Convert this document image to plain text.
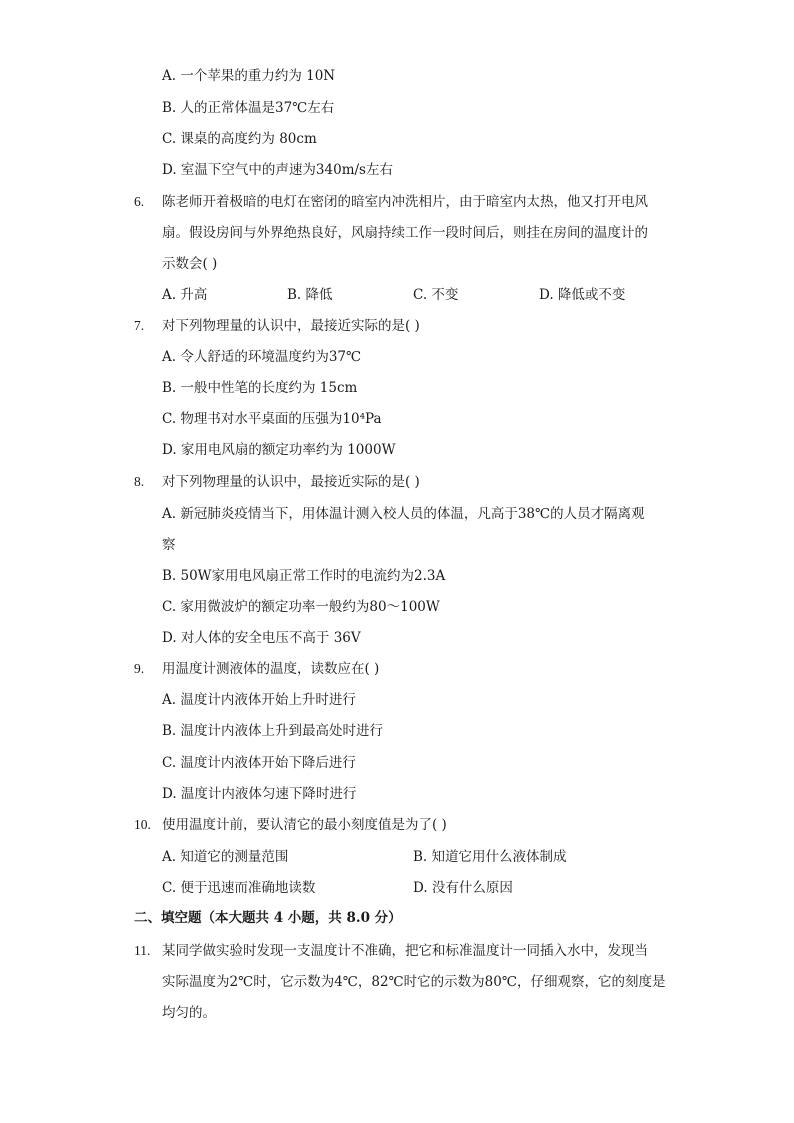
A. 一个苹果的重力约为 10N
B. 人的正常体温是37℃左右
C. 课桌的高度约为 80cm
D. 室温下空气中的声速为340m/s左右
6. 陈老师开着极暗的电灯在密闭的暗室内冲洗相片，由于暗室内太热，他又打开电风
扇。假设房间与外界绝热良好，风扇持续工作一段时间后，则挂在房间的温度计的
示数会( )
A. 升高	B. 降低	C. 不变	D. 降低或不变
7. 对下列物理量的认识中，最接近实际的是( )
A. 令人舒适的环境温度约为37℃
B. 一般中性笔的长度约为 15cm
C. 物理书对水平桌面的压强为10⁴Pa
D. 家用电风扇的额定功率约为 1000W
8. 对下列物理量的认识中，最接近实际的是( )
A. 新冠肺炎疫情当下，用体温计测入校人员的体温，凡高于38℃的人员才隔离观
察
B. 50W家用电风扇正常工作时的电流约为2.3A
C. 家用微波炉的额定功率一般约为80～100W
D. 对人体的安全电压不高于 36V
9. 用温度计测液体的温度，读数应在( )
A. 温度计内液体开始上升时进行
B. 温度计内液体上升到最高处时进行
C. 温度计内液体开始下降后进行
D. 温度计内液体匀速下降时进行
10. 使用温度计前，要认清它的最小刻度值是为了( )
A. 知道它的测量范围	B. 知道它用什么液体制成
C. 便于迅速而准确地读数	D. 没有什么原因
二、填空题（本大题共 4 小题，共 8.0 分）
11. 某同学做实验时发现一支温度计不准确，把它和标准温度计一同插入水中，发现当
实际温度为2℃时，它示数为4℃，82℃时它的示数为80℃，仔细观察，它的刻度是
均匀的。
